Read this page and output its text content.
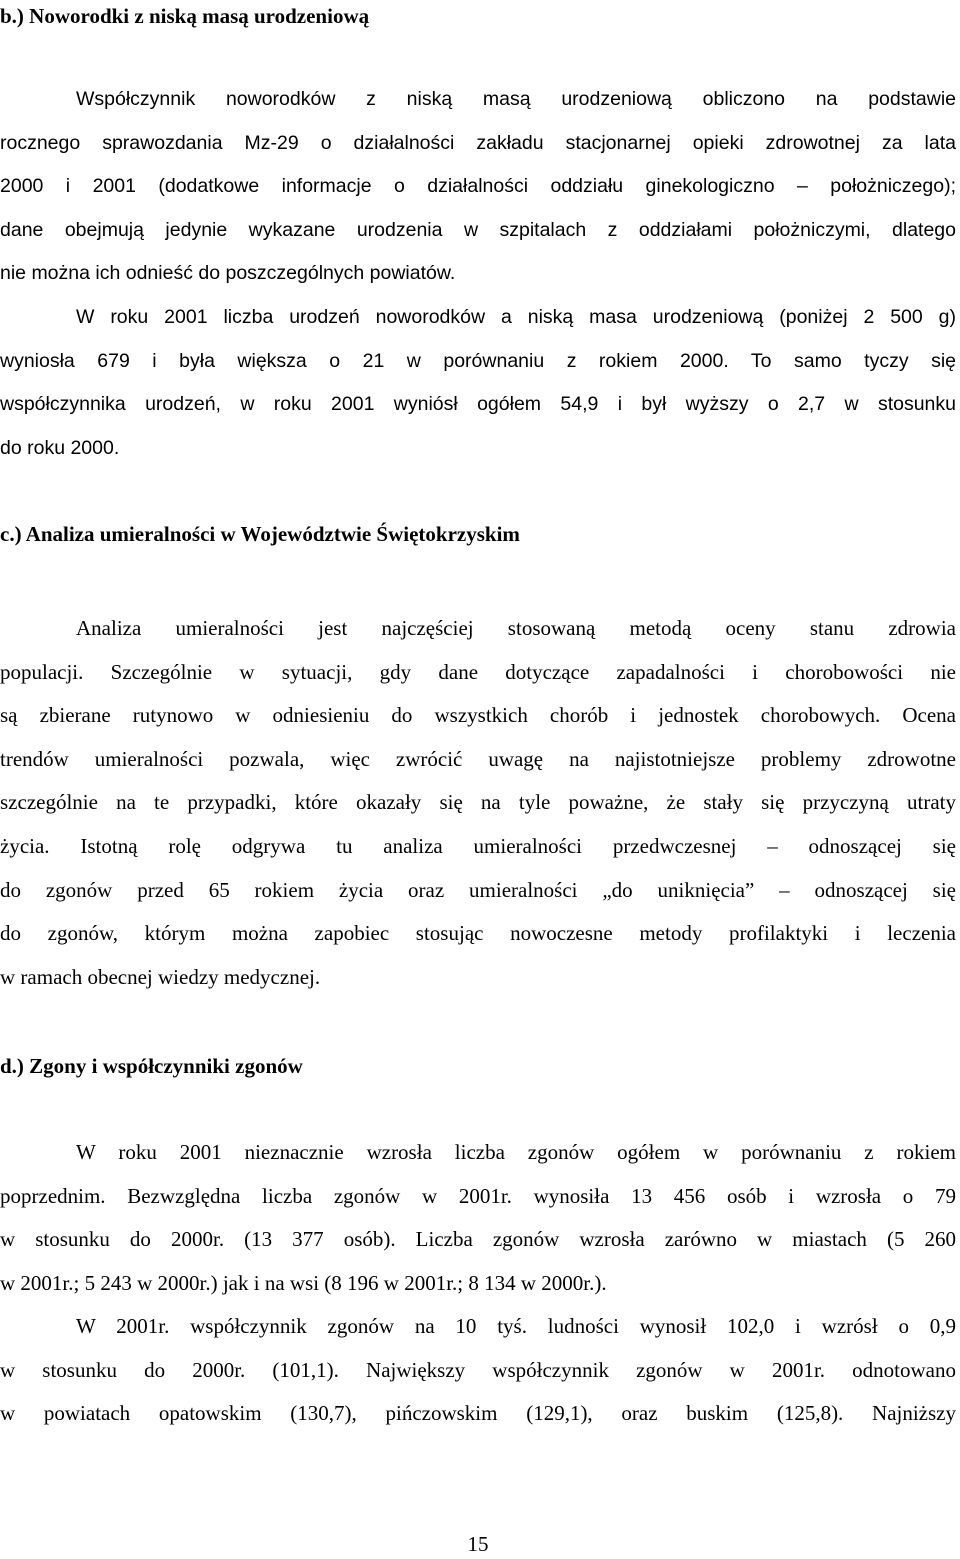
b.) Noworodki z niską masą urodzeniową
Współczynnik noworodków z niską masą urodzeniową obliczono na podstawie
rocznego sprawozdania Mz-29 o działalności zakładu stacjonarnej opieki zdrowotnej za lata
2000 i 2001 (dodatkowe informacje o działalności oddziału ginekologiczno – położniczego);
dane obejmują jedynie wykazane urodzenia w szpitalach z oddziałami położniczymi, dlatego
nie można ich odnieść do poszczególnych powiatów.
W roku 2001 liczba urodzeń noworodków a niską masa urodzeniową (poniżej 2 500 g)
wyniosła 679 i była większa o 21 w porównaniu z rokiem 2000. To samo tyczy się
współczynnika urodzeń, w roku 2001 wyniósł ogółem 54,9 i był wyższy o 2,7 w stosunku
do roku 2000.
c.) Analiza umieralności w Województwie Świętokrzyskim
Analiza umieralności jest najczęściej stosowaną metodą oceny stanu zdrowia
populacji. Szczególnie w sytuacji, gdy dane dotyczące zapadalności i chorobowości nie
są zbierane rutynowo w odniesieniu do wszystkich chorób i jednostek chorobowych. Ocena
trendów umieralności pozwala, więc zwrócić uwagę na najistotniejsze problemy zdrowotne
szczególnie na te przypadki, które okazały się na tyle poważne, że stały się przyczyną utraty
życia. Istotną rolę odgrywa tu analiza umieralności przedwczesnej – odnoszącej się
do zgonów przed 65 rokiem życia oraz umieralności „do uniknięcia” – odnoszącej się
do zgonów, którym można zapobiec stosując nowoczesne metody profilaktyki i leczenia
w ramach obecnej wiedzy medycznej.
d.) Zgony i współczynniki zgonów
W roku 2001 nieznacznie wzrosła liczba zgonów ogółem w porównaniu z rokiem
poprzednim. Bezwzględna liczba zgonów w 2001r. wynosiła 13 456 osób i wzrosła o 79
w stosunku do 2000r. (13 377 osób). Liczba zgonów wzrosła zarówno w miastach (5 260
w 2001r.; 5 243 w 2000r.) jak i na wsi (8 196 w 2001r.; 8 134 w 2000r.).
W 2001r. współczynnik zgonów na 10 tyś. ludności wynosił 102,0 i wzrósł o 0,9
w stosunku do 2000r. (101,1). Największy współczynnik zgonów w 2001r. odnotowano
w powiatach opatowskim (130,7), pińczowskim (129,1), oraz buskim (125,8). Najniższy
15
